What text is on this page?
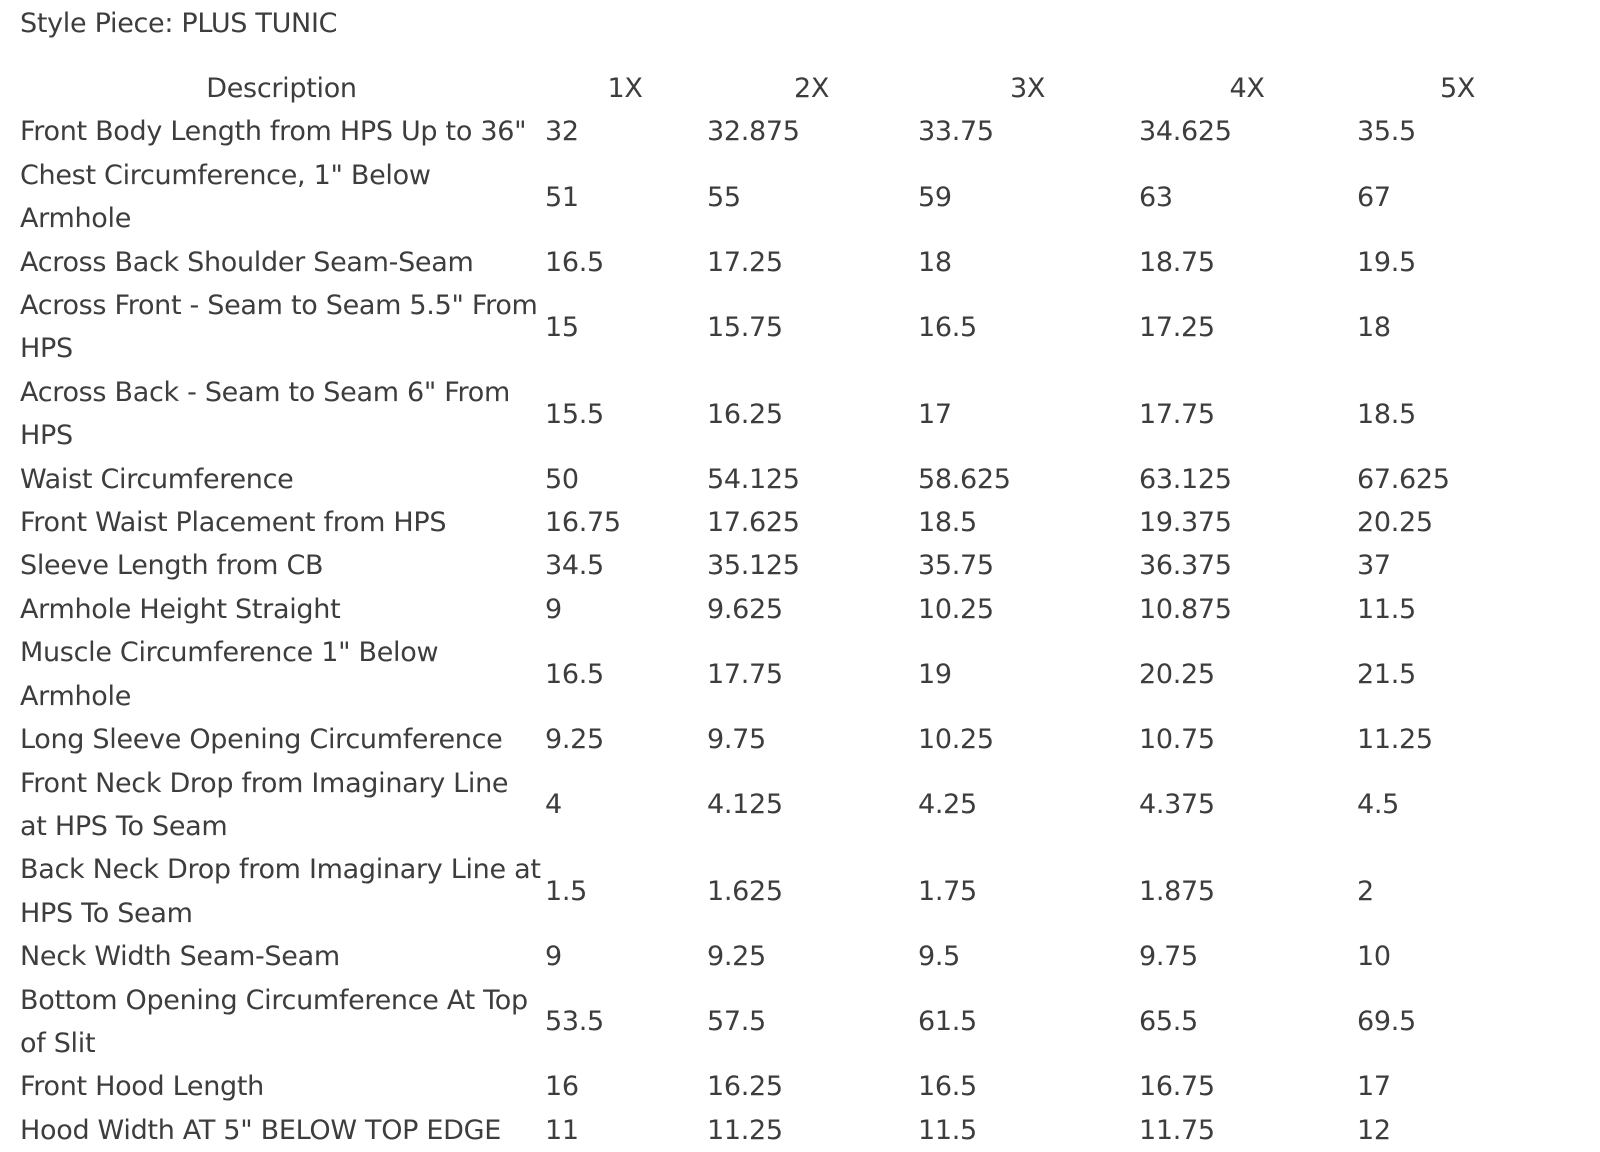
Style Piece: PLUS TUNIC
Description	1X	2X	3X	4X	5X
Front Body Length from HPS Up to 36"	32	32.875	33.75	34.625	35.5
Chest Circumference, 1" Below Armhole	51	55	59	63	67
Across Back Shoulder Seam-Seam	16.5	17.25	18	18.75	19.5
Across Front - Seam to Seam 5.5" From HPS	15	15.75	16.5	17.25	18
Across Back - Seam to Seam 6" From HPS	15.5	16.25	17	17.75	18.5
Waist Circumference	50	54.125	58.625	63.125	67.625
Front Waist Placement from HPS	16.75	17.625	18.5	19.375	20.25
Sleeve Length from CB	34.5	35.125	35.75	36.375	37
Armhole Height Straight	9	9.625	10.25	10.875	11.5
Muscle Circumference 1" Below Armhole	16.5	17.75	19	20.25	21.5
Long Sleeve Opening Circumference	9.25	9.75	10.25	10.75	11.25
Front Neck Drop from Imaginary Line at HPS To Seam	4	4.125	4.25	4.375	4.5
Back Neck Drop from Imaginary Line at HPS To Seam	1.5	1.625	1.75	1.875	2
Neck Width Seam-Seam	9	9.25	9.5	9.75	10
Bottom Opening Circumference At Top of Slit	53.5	57.5	61.5	65.5	69.5
Front Hood Length	16	16.25	16.5	16.75	17
Hood Width AT 5" BELOW TOP EDGE	11	11.25	11.5	11.75	12
